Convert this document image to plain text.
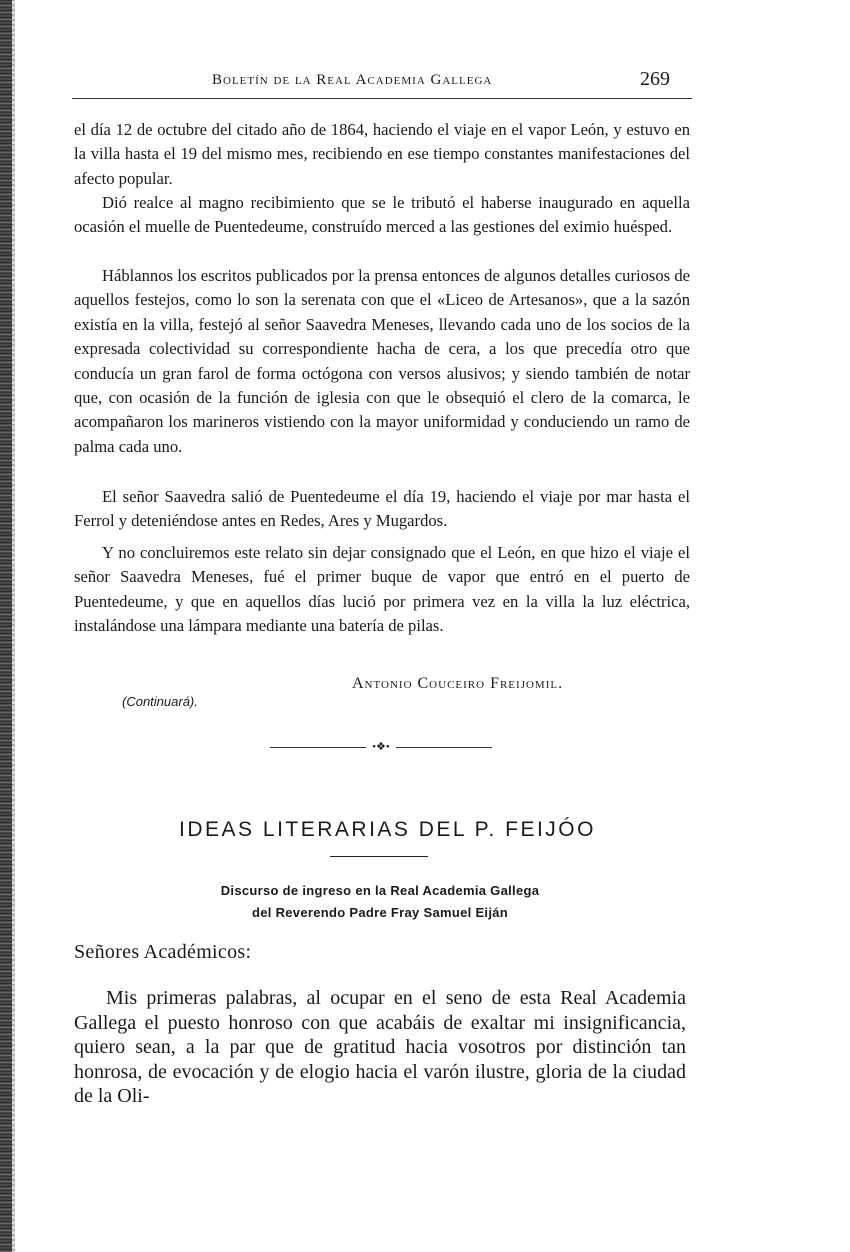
Boletín de la Real Academia Gallega	269

el día 12 de octubre del citado año de 1864, haciendo el viaje en el vapor León, y estuvo en la villa hasta el 19 del mismo mes, recibiendo en ese tiempo constantes manifestaciones del afecto popular.

Dió realce al magno recibimiento que se le tributó el haberse inaugurado en aquella ocasión el muelle de Puentedeume, construído merced a las gestiones del eximio huésped.

Háblannos los escritos publicados por la prensa entonces de algunos detalles curiosos de aquellos festejos, como lo son la serenata con que el «Liceo de Artesanos», que a la sazón existía en la villa, festejó al señor Saavedra Meneses, llevando cada uno de los socios de la expresada colectividad su correspondiente hacha de cera, a los que precedía otro que conducía un gran farol de forma octógona con versos alusivos; y siendo también de notar que, con ocasión de la función de iglesia con que le obsequió el clero de la comarca, le acompañaron los marineros vistiendo con la mayor uniformidad y conduciendo un ramo de palma cada uno.

El señor Saavedra salió de Puentedeume el día 19, haciendo el viaje por mar hasta el Ferrol y deteniéndose antes en Redes, Ares y Mugardos.

Y no concluiremos este relato sin dejar consignado que el León, en que hizo el viaje el señor Saavedra Meneses, fué el primer buque de vapor que entró en el puerto de Puentedeume, y que en aquellos días lució por primera vez en la villa la luz eléctrica, instalándose una lámpara mediante una batería de pilas.

Antonio Couceiro Freijomil.
(Continuará).
•❖•
IDEAS LITERARIAS DEL P. FEIJÓO
Discurso de ingreso en la Real Academia Gallega
del Reverendo Padre Fray Samuel Eiján
Señores Académicos:

Mis primeras palabras, al ocupar en el seno de esta Real Academia Gallega el puesto honroso con que acabáis de exaltar mi insignificancia, quiero sean, a la par que de gratitud hacia vosotros por distinción tan honrosa, de evocación y de elogio hacia el varón ilustre, gloria de la ciudad de la Oli-
